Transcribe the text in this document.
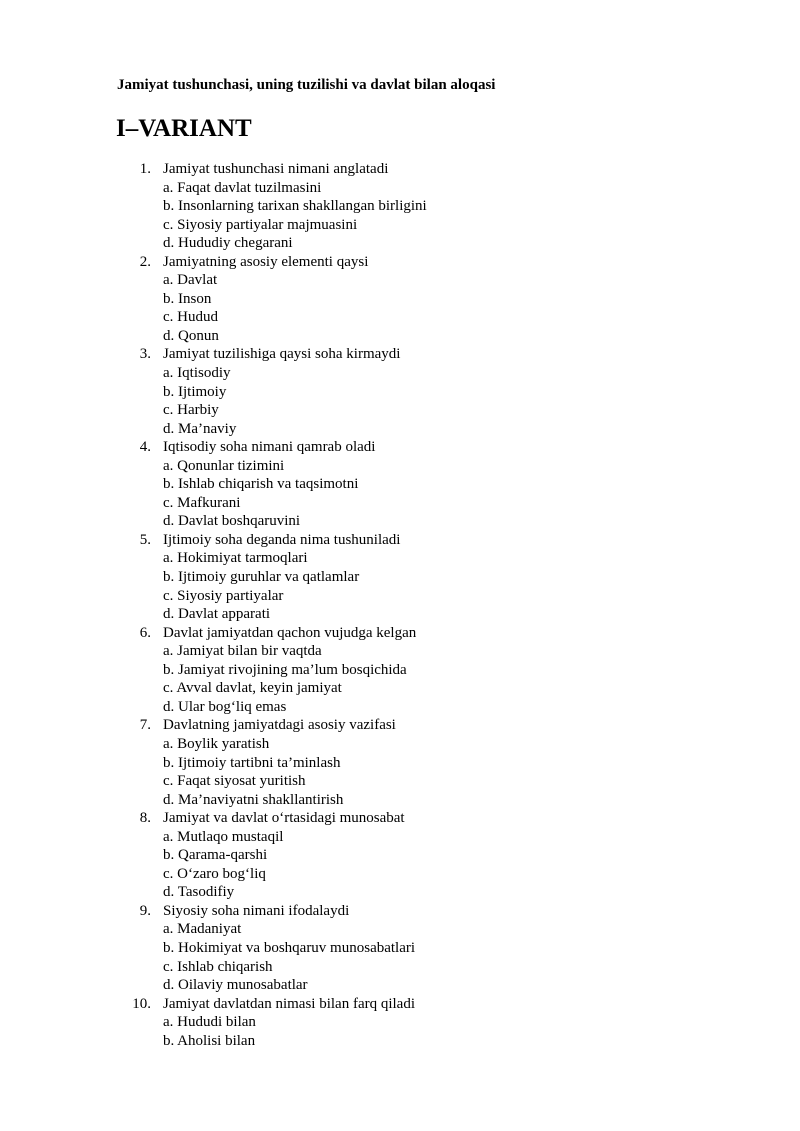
Jamiyat tushunchasi, uning tuzilishi va davlat bilan aloqasi
I–VARIANT
1. Jamiyat tushunchasi nimani anglatadi
a. Faqat davlat tuzilmasini
b. Insonlarning tarixan shakllangan birligini
c. Siyosiy partiyalar majmuasini
d. Hududiy chegarani
2. Jamiyatning asosiy elementi qaysi
a. Davlat
b. Inson
c. Hudud
d. Qonun
3. Jamiyat tuzilishiga qaysi soha kirmaydi
a. Iqtisodiy
b. Ijtimoiy
c. Harbiy
d. Ma’naviy
4. Iqtisodiy soha nimani qamrab oladi
a. Qonunlar tizimini
b. Ishlab chiqarish va taqsimotni
c. Mafkurani
d. Davlat boshqaruvini
5. Ijtimoiy soha deganda nima tushuniladi
a. Hokimiyat tarmoqlari
b. Ijtimoiy guruhlar va qatlamlar
c. Siyosiy partiyalar
d. Davlat apparati
6. Davlat jamiyatdan qachon vujudga kelgan
a. Jamiyat bilan bir vaqtda
b. Jamiyat rivojining ma’lum bosqichida
c. Avval davlat, keyin jamiyat
d. Ular bog‘liq emas
7. Davlatning jamiyatdagi asosiy vazifasi
a. Boylik yaratish
b. Ijtimoiy tartibni ta’minlash
c. Faqat siyosat yuritish
d. Ma’naviyatni shakllantirish
8. Jamiyat va davlat o‘rtasidagi munosabat
a. Mutlaqo mustaqil
b. Qarama-qarshi
c. O‘zaro bog‘liq
d. Tasodifiy
9. Siyosiy soha nimani ifodalaydi
a. Madaniyat
b. Hokimiyat va boshqaruv munosabatlari
c. Ishlab chiqarish
d. Oilaviy munosabatlar
10. Jamiyat davlatdan nimasi bilan farq qiladi
a. Hududi bilan
b. Aholisi bilan
